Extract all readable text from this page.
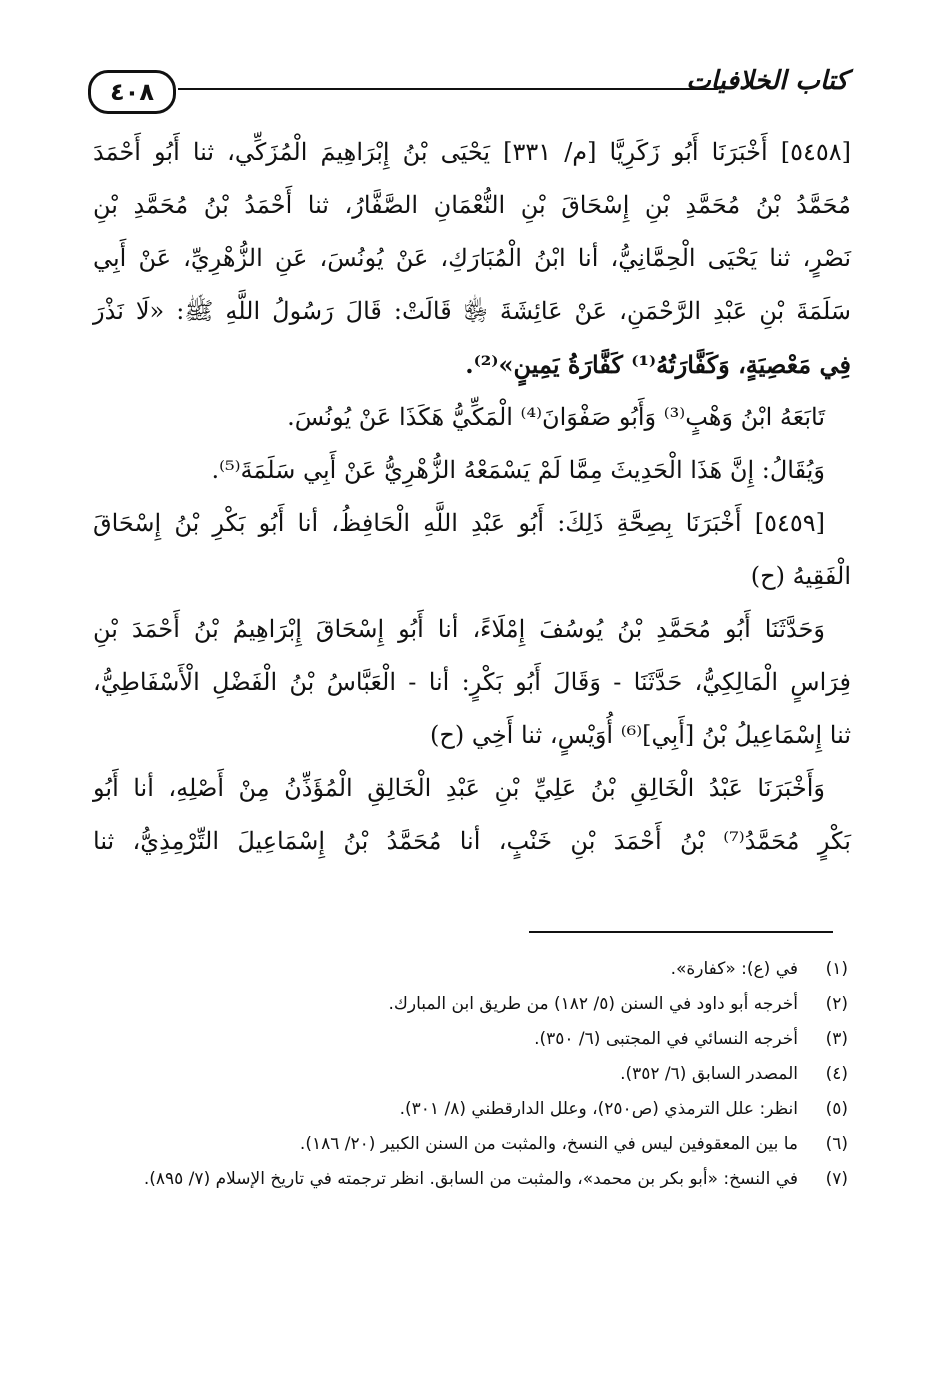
٤٠٨	كتاب الخلافيات
[٥٤٥٨] أَخْبَرَنَا أَبُو زَكَرِيَّا [م/ ٣٣١] يَحْيَى بْنُ إِبْرَاهِيمَ الْمُزَكِّي، ثنا أَبُو أَحْمَدَ
مُحَمَّدُ بْنُ مُحَمَّدِ بْنِ إِسْحَاقَ بْنِ النُّعْمَانِ الصَّفَّارُ، ثنا أَحْمَدُ بْنُ مُحَمَّدِ بْنِ
نَصْرٍ، ثنا يَحْيَى الْحِمَّانِيُّ، أنا ابْنُ الْمُبَارَكِ، عَنْ يُونُسَ، عَنِ الزُّهْرِيِّ، عَنْ أَبِي
سَلَمَةَ بْنِ عَبْدِ الرَّحْمَنِ، عَنْ عَائِشَةَ ﵂ قَالَتْ: قَالَ رَسُولُ اللَّهِ ﷺ: «لَا نَذْرَ
فِي مَعْصِيَةٍ، وَكَفَّارَتُهُ⁽¹⁾ كَفَّارَةُ يَمِينٍ»⁽²⁾.
تَابَعَهُ ابْنُ وَهْبٍ⁽³⁾ وَأَبُو صَفْوَانَ⁽⁴⁾ الْمَكِّيُّ هَكَذَا عَنْ يُونُسَ.
وَيُقَالُ: إِنَّ هَذَا الْحَدِيثَ مِمَّا لَمْ يَسْمَعْهُ الزُّهْرِيُّ عَنْ أَبِي سَلَمَةَ⁽⁵⁾.
[٥٤٥٩] أَخْبَرَنَا بِصِحَّةِ ذَلِكَ: أَبُو عَبْدِ اللَّهِ الْحَافِظُ، أنا أَبُو بَكْرِ بْنُ إِسْحَاقَ
الْفَقِيهُ (ح)
وَحَدَّثَنَا أَبُو مُحَمَّدِ بْنُ يُوسُفَ إِمْلَاءً، أنا أَبُو إِسْحَاقَ إِبْرَاهِيمُ بْنُ أَحْمَدَ بْنِ
فِرَاسٍ الْمَالِكِيُّ، حَدَّثَنَا - وَقَالَ أَبُو بَكْرٍ: أنا - الْعَبَّاسُ بْنُ الْفَضْلِ الْأَسْفَاطِيُّ،
ثنا إِسْمَاعِيلُ بْنُ [أَبِي]⁽⁶⁾ أُوَيْسٍ، ثنا أَخِي (ح)
وَأَخْبَرَنَا عَبْدُ الْخَالِقِ بْنُ عَلِيِّ بْنِ عَبْدِ الْخَالِقِ الْمُؤَذِّنُ مِنْ أَصْلِهِ، أنا أَبُو
بَكْرٍ مُحَمَّدُ⁽⁷⁾ بْنُ أَحْمَدَ بْنِ خَنْبٍ، أنا مُحَمَّدُ بْنُ إِسْمَاعِيلَ التِّرْمِذِيُّ، ثنا
(١)
في (ع): «كفارة».
(٢)
أخرجه أبو داود في السنن (٥/ ١٨٢) من طريق ابن المبارك.
(٣)
أخرجه النسائي في المجتبى (٦/ ٣٥٠).
(٤)
المصدر السابق (٦/ ٣٥٢).
(٥)
انظر: علل الترمذي (ص٢٥٠)، وعلل الدارقطني (٨/ ٣٠١).
(٦)
ما بين المعقوفين ليس في النسخ، والمثبت من السنن الكبير (٢٠/ ١٨٦).
(٧)
في النسخ: «أبو بكر بن محمد»، والمثبت من السابق. انظر ترجمته في تاريخ الإسلام (٧/ ٨٩٥).
